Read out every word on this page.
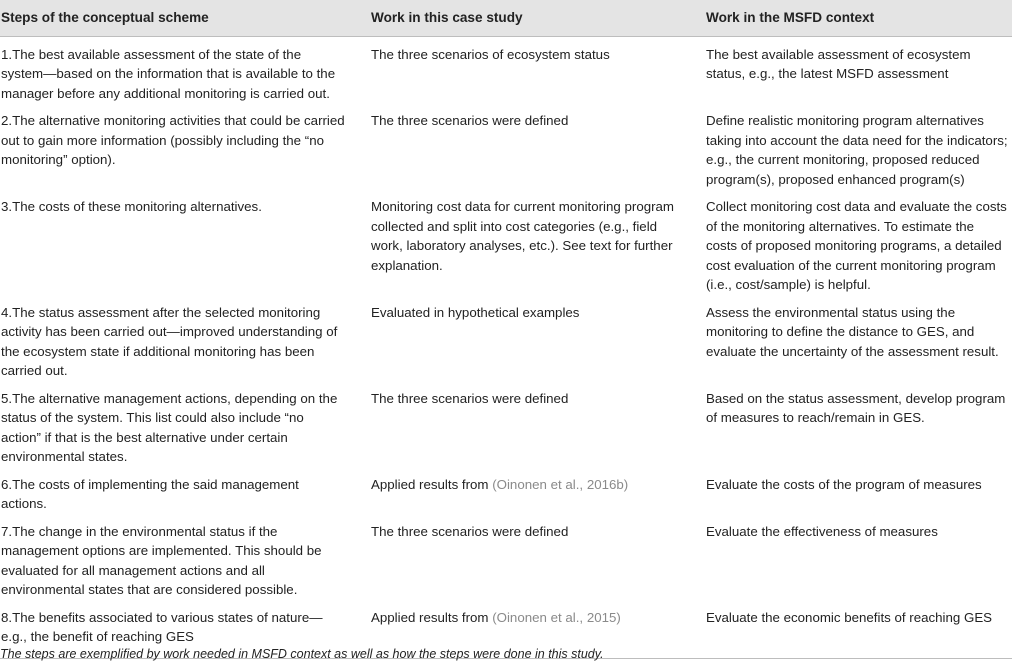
Steps of the conceptual scheme	Work in this case study	Work in the MSFD context
1.The best available assessment of the state of the system—based on the information that is available to the manager before any additional monitoring is carried out.	The three scenarios of ecosystem status	The best available assessment of ecosystem status, e.g., the latest MSFD assessment
2.The alternative monitoring activities that could be carried out to gain more information (possibly including the “no monitoring” option).	The three scenarios were defined	Define realistic monitoring program alternatives taking into account the data need for the indicators; e.g., the current monitoring, proposed reduced program(s), proposed enhanced program(s)
3.The costs of these monitoring alternatives.	Monitoring cost data for current monitoring program collected and split into cost categories (e.g., field work, laboratory analyses, etc.). See text for further explanation.	Collect monitoring cost data and evaluate the costs of the monitoring alternatives. To estimate the costs of proposed monitoring programs, a detailed cost evaluation of the current monitoring program (i.e., cost/sample) is helpful.
4.The status assessment after the selected monitoring activity has been carried out—improved understanding of the ecosystem state if additional monitoring has been carried out.	Evaluated in hypothetical examples	Assess the environmental status using the monitoring to define the distance to GES, and evaluate the uncertainty of the assessment result.
5.The alternative management actions, depending on the status of the system. This list could also include “no action” if that is the best alternative under certain environmental states.	The three scenarios were defined	Based on the status assessment, develop program of measures to reach/remain in GES.
6.The costs of implementing the said management actions.	Applied results from (Oinonen et al., 2016b)	Evaluate the costs of the program of measures
7.The change in the environmental status if the management options are implemented. This should be evaluated for all management actions and all environmental states that are considered possible.	The three scenarios were defined	Evaluate the effectiveness of measures
8.The benefits associated to various states of nature—e.g., the benefit of reaching GES	Applied results from (Oinonen et al., 2015)	Evaluate the economic benefits of reaching GES
The steps are exemplified by work needed in MSFD context as well as how the steps were done in this study.
